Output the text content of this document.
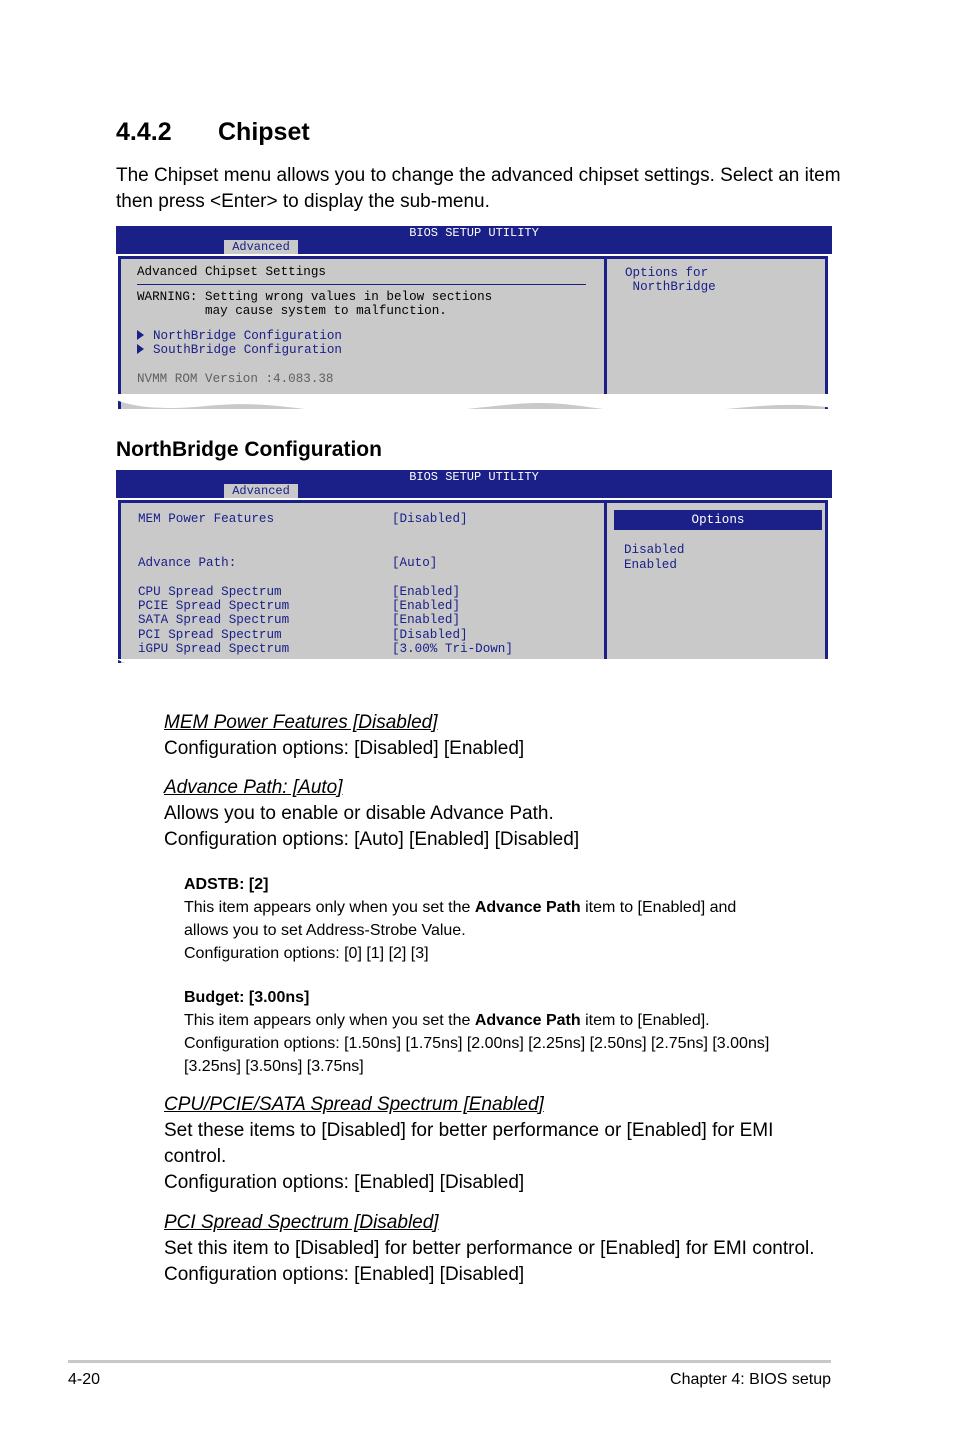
4.4.2 Chipset
The Chipset menu allows you to change the advanced chipset settings. Select an item then press <Enter> to display the sub-menu.
BIOS SETUP UTILITY
Advanced
Advanced Chipset Settings
WARNING: Setting wrong values in below sections
may cause system to malfunction.
NorthBridge Configuration
SouthBridge Configuration
NVMM ROM Version :4.083.38
Options for
NorthBridge
NorthBridge Configuration
BIOS SETUP UTILITY
Advanced
MEM Power Features	[Disabled]
Advance Path:	[Auto]
CPU Spread Spectrum	[Enabled]
PCIE Spread Spectrum	[Enabled]
SATA Spread Spectrum	[Enabled]
PCI Spread Spectrum	[Disabled]
iGPU Spread Spectrum	[3.00% Tri-Down]
Options
Disabled
Enabled
MEM Power Features [Disabled]
Configuration options: [Disabled] [Enabled]
Advance Path: [Auto]
Allows you to enable or disable Advance Path.
Configuration options: [Auto] [Enabled] [Disabled]
ADSTB: [2]
This item appears only when you set the Advance Path item to [Enabled] and
allows you to set Address-Strobe Value.
Configuration options: [0] [1] [2] [3]
Budget: [3.00ns]
This item appears only when you set the Advance Path item to [Enabled].
Configuration options: [1.50ns] [1.75ns] [2.00ns] [2.25ns] [2.50ns] [2.75ns] [3.00ns]
[3.25ns] [3.50ns] [3.75ns]
CPU/PCIE/SATA Spread Spectrum [Enabled]
Set these items to [Disabled] for better performance or [Enabled] for EMI
control.
Configuration options: [Enabled] [Disabled]
PCI Spread Spectrum [Disabled]
Set this item to [Disabled] for better performance or [Enabled] for EMI control.
Configuration options: [Enabled] [Disabled]
4-20	Chapter 4: BIOS setup
